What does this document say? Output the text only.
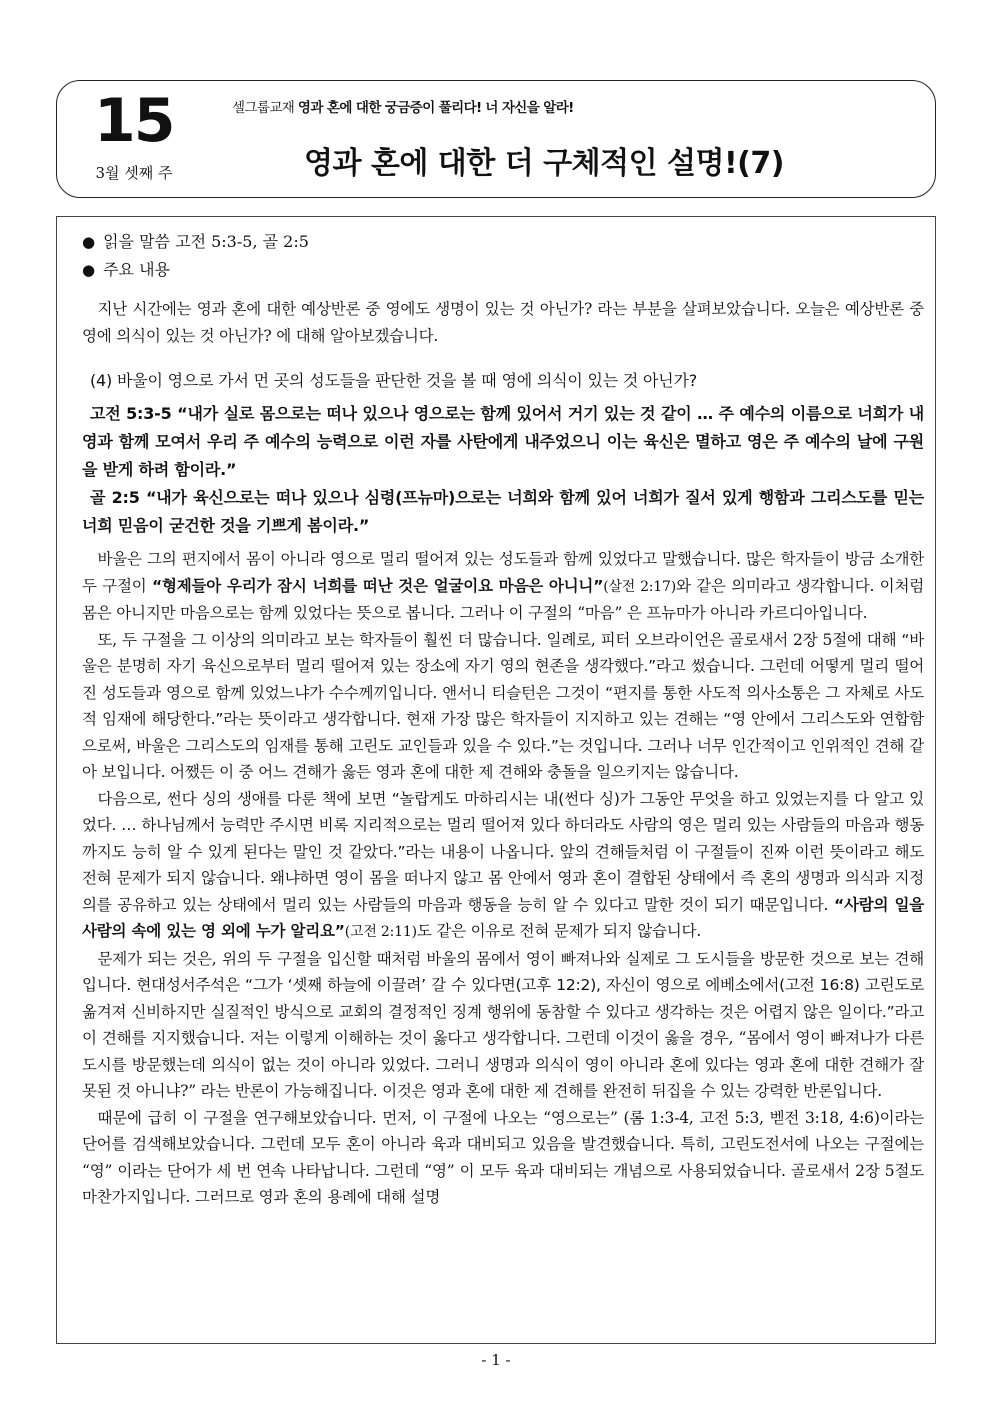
15
3월 셋째 주
셀그룹교재 영과 혼에 대한 궁금증이 풀리다! 너 자신을 알라!
영과 혼에 대한 더 구체적인 설명!(7)
● 읽을 말씀 고전 5:3-5, 골 2:5
● 주요 내용

지난 시간에는 영과 혼에 대한 예상반론 중 영에도 생명이 있는 것 아닌가? 라는 부분을 살펴보았습니다. 오늘은 예상반론 중 영에 의식이 있는 것 아닌가? 에 대해 알아보겠습니다.

(4) 바울이 영으로 가서 먼 곳의 성도들을 판단한 것을 볼 때 영에 의식이 있는 것 아닌가?

고전 5:3-5 “내가 실로 몸으로는 떠나 있으나 영으로는 함께 있어서 거기 있는 것 같이 … 주 예수의 이름으로 너희가 내 영과 함께 모여서 우리 주 예수의 능력으로 이런 자를 사탄에게 내주었으니 이는 육신은 멸하고 영은 주 예수의 날에 구원을 받게 하려 함이라.”

골 2:5 “내가 육신으로는 떠나 있으나 심령(프뉴마)으로는 너희와 함께 있어 너희가 질서 있게 행함과 그리스도를 믿는 너희 믿음이 굳건한 것을 기쁘게 봄이라.”

바울은 그의 편지에서 몸이 아니라 영으로 멀리 떨어져 있는 성도들과 함께 있었다고 말했습니다. 많은 학자들이 방금 소개한 두 구절이 “형제들아 우리가 잠시 너희를 떠난 것은 얼굴이요 마음은 아니니”(살전 2:17)와 같은 의미라고 생각합니다. 이처럼 몸은 아니지만 마음으로는 함께 있었다는 뜻으로 봅니다. 그러나 이 구절의 “마음” 은 프뉴마가 아니라 카르디아입니다.

또, 두 구절을 그 이상의 의미라고 보는 학자들이 훨씬 더 많습니다. 일례로, 피터 오브라이언은 골로새서 2장 5절에 대해 “바울은 분명히 자기 육신으로부터 멀리 떨어져 있는 장소에 자기 영의 현존을 생각했다.”라고 썼습니다. 그런데 어떻게 멀리 떨어진 성도들과 영으로 함께 있었느냐가 수수께끼입니다. 앤서니 티슬턴은 그것이 “편지를 통한 사도적 의사소통은 그 자체로 사도적 임재에 해당한다.”라는 뜻이라고 생각합니다. 현재 가장 많은 학자들이 지지하고 있는 견해는 “영 안에서 그리스도와 연합함으로써, 바울은 그리스도의 임재를 통해 고린도 교인들과 있을 수 있다.”는 것입니다. 그러나 너무 인간적이고 인위적인 견해 같아 보입니다. 어쨌든 이 중 어느 견해가 옳든 영과 혼에 대한 제 견해와 충돌을 일으키지는 않습니다.

다음으로, 썬다 싱의 생애를 다룬 책에 보면 “놀랍게도 마하리시는 내(썬다 싱)가 그동안 무엇을 하고 있었는지를 다 알고 있었다. … 하나님께서 능력만 주시면 비록 지리적으로는 멀리 떨어져 있다 하더라도 사람의 영은 멀리 있는 사람들의 마음과 행동까지도 능히 알 수 있게 된다는 말인 것 같았다.”라는 내용이 나옵니다. 앞의 견해들처럼 이 구절들이 진짜 이런 뜻이라고 해도 전혀 문제가 되지 않습니다. 왜냐하면 영이 몸을 떠나지 않고 몸 안에서 영과 혼이 결합된 상태에서 즉 혼의 생명과 의식과 지정의를 공유하고 있는 상태에서 멀리 있는 사람들의 마음과 행동을 능히 알 수 있다고 말한 것이 되기 때문입니다. “사람의 일을 사람의 속에 있는 영 외에 누가 알리요”(고전 2:11)도 같은 이유로 전혀 문제가 되지 않습니다.

문제가 되는 것은, 위의 두 구절을 입신할 때처럼 바울의 몸에서 영이 빠져나와 실제로 그 도시들을 방문한 것으로 보는 견해입니다. 현대성서주석은 “그가 ‘셋째 하늘에 이끌려’ 갈 수 있다면(고후 12:2), 자신이 영으로 에베소에서(고전 16:8) 고린도로 옮겨져 신비하지만 실질적인 방식으로 교회의 결정적인 징계 행위에 동참할 수 있다고 생각하는 것은 어렵지 않은 일이다.”라고 이 견해를 지지했습니다. 저는 이렇게 이해하는 것이 옳다고 생각합니다. 그런데 이것이 옳을 경우, “몸에서 영이 빠져나가 다른 도시를 방문했는데 의식이 없는 것이 아니라 있었다. 그러니 생명과 의식이 영이 아니라 혼에 있다는 영과 혼에 대한 견해가 잘못된 것 아니냐?” 라는 반론이 가능해집니다. 이것은 영과 혼에 대한 제 견해를 완전히 뒤집을 수 있는 강력한 반론입니다.

때문에 급히 이 구절을 연구해보았습니다. 먼저, 이 구절에 나오는 “영으로는” (롬 1:3-4, 고전 5:3, 벧전 3:18, 4:6)이라는 단어를 검색해보았습니다. 그런데 모두 혼이 아니라 육과 대비되고 있음을 발견했습니다. 특히, 고린도전서에 나오는 구절에는 “영” 이라는 단어가 세 번 연속 나타납니다. 그런데 “영” 이 모두 육과 대비되는 개념으로 사용되었습니다. 골로새서 2장 5절도 마찬가지입니다. 그러므로 영과 혼의 용례에 대해 설명

- 1 -
